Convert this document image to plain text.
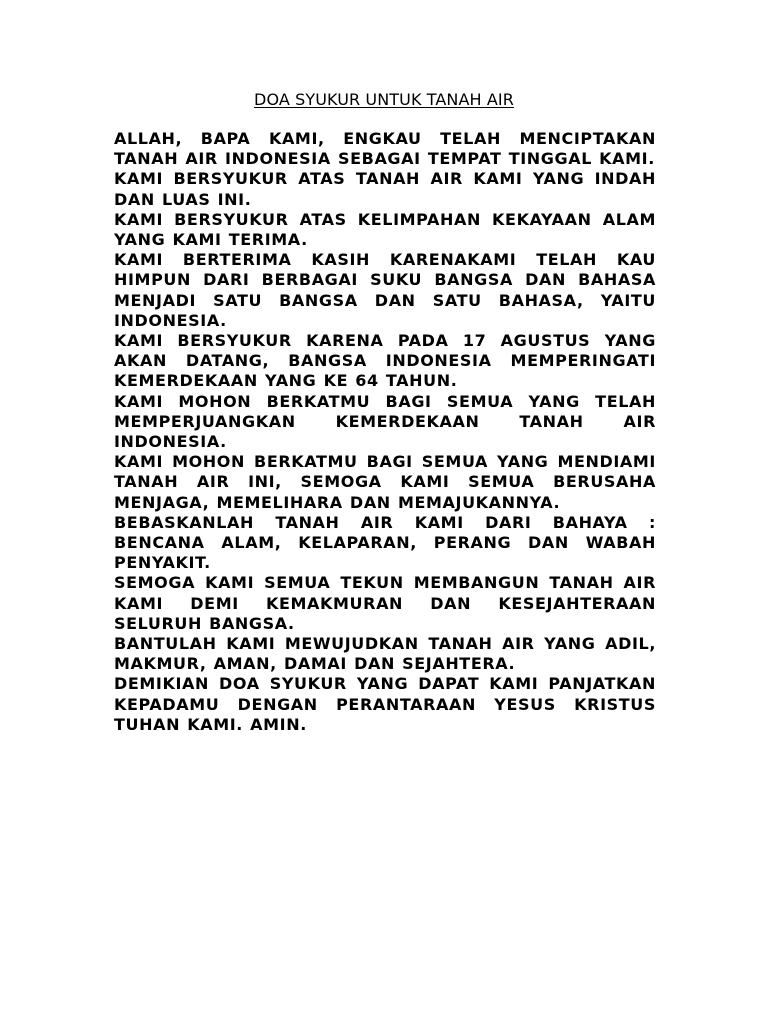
DOA SYUKUR UNTUK TANAH AIR

ALLAH, BAPA KAMI, ENGKAU TELAH MENCIPTAKAN TANAH AIR INDONESIA SEBAGAI TEMPAT TINGGAL KAMI.

KAMI BERSYUKUR ATAS TANAH AIR KAMI YANG INDAH DAN LUAS INI.

KAMI BERSYUKUR ATAS KELIMPAHAN KEKAYAAN ALAM YANG KAMI TERIMA.

KAMI BERTERIMA KASIH KARENAKAMI TELAH KAU HIMPUN DARI BERBAGAI SUKU BANGSA DAN BAHASA MENJADI SATU BANGSA DAN SATU BAHASA, YAITU INDONESIA.

KAMI BERSYUKUR KARENA PADA 17 AGUSTUS YANG AKAN DATANG, BANGSA INDONESIA MEMPERINGATI KEMERDEKAAN YANG KE 64 TAHUN.

KAMI MOHON BERKATMU BAGI SEMUA YANG TELAH MEMPERJUANGKAN KEMERDEKAAN TANAH AIR INDONESIA.

KAMI MOHON BERKATMU BAGI SEMUA YANG MENDIAMI TANAH AIR INI, SEMOGA KAMI SEMUA BERUSAHA MENJAGA, MEMELIHARA DAN MEMAJUKANNYA.

BEBASKANLAH TANAH AIR KAMI DARI BAHAYA : BENCANA ALAM, KELAPARAN, PERANG DAN WABAH PENYAKIT.

SEMOGA KAMI SEMUA TEKUN MEMBANGUN TANAH AIR KAMI DEMI KEMAKMURAN DAN KESEJAHTERAAN SELURUH BANGSA.

BANTULAH KAMI MEWUJUDKAN TANAH AIR YANG ADIL, MAKMUR, AMAN, DAMAI DAN SEJAHTERA.

DEMIKIAN DOA SYUKUR YANG DAPAT KAMI PANJATKAN KEPADAMU DENGAN PERANTARAAN YESUS KRISTUS TUHAN KAMI. AMIN.
